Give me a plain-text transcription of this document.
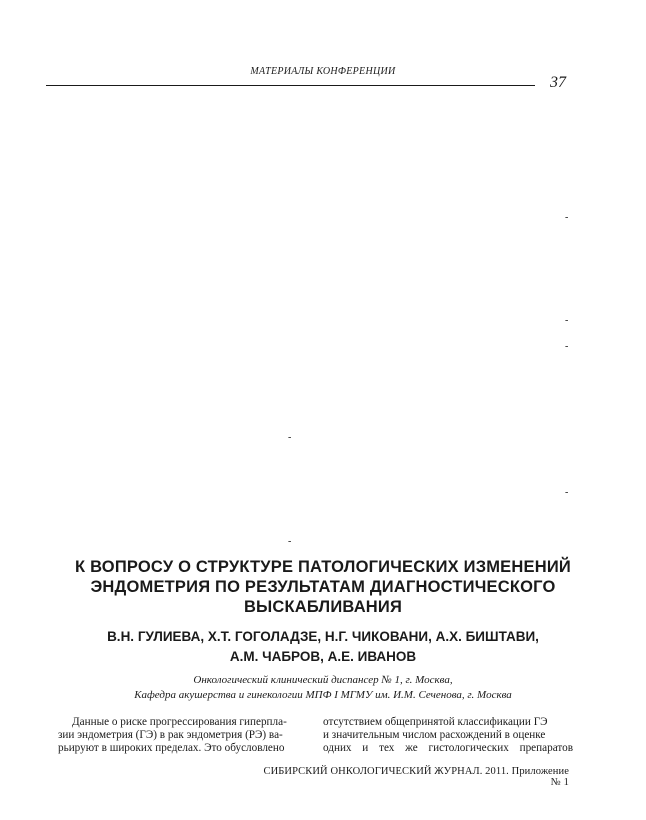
МАТЕРИАЛЫ КОНФЕРЕНЦИИ
37
-
-
-
-
-
-
К ВОПРОСУ О СТРУКТУРЕ ПАТОЛОГИЧЕСКИХ ИЗМЕНЕНИЙ
ЭНДОМЕТРИЯ ПО РЕЗУЛЬТАТАМ ДИАГНОСТИЧЕСКОГО
ВЫСКАБЛИВАНИЯ
В.Н. ГУЛИЕВА, Х.Т. ГОГОЛАДЗЕ, Н.Г. ЧИКОВАНИ, А.Х. БИШТАВИ,
А.М. ЧАБРОВ, А.Е. ИВАНОВ
Онкологический клинический диспансер № 1, г. Москва,
Кафедра акушерства и гинекологии МПФ I МГМУ им. И.М. Сеченова, г. Москва
Данные о риске прогрессирования гиперпла-
зии эндометрия (ГЭ) в рак эндометрия (РЭ) ва-
рьируют в широких пределах. Это обусловлено
отсутствием общепринятой классификации ГЭ
и значительным числом расхождений в оценке
одних и тех же гистологических препаратов
СИБИРСКИЙ ОНКОЛОГИЧЕСКИЙ ЖУРНАЛ. 2011. Приложение № 1
